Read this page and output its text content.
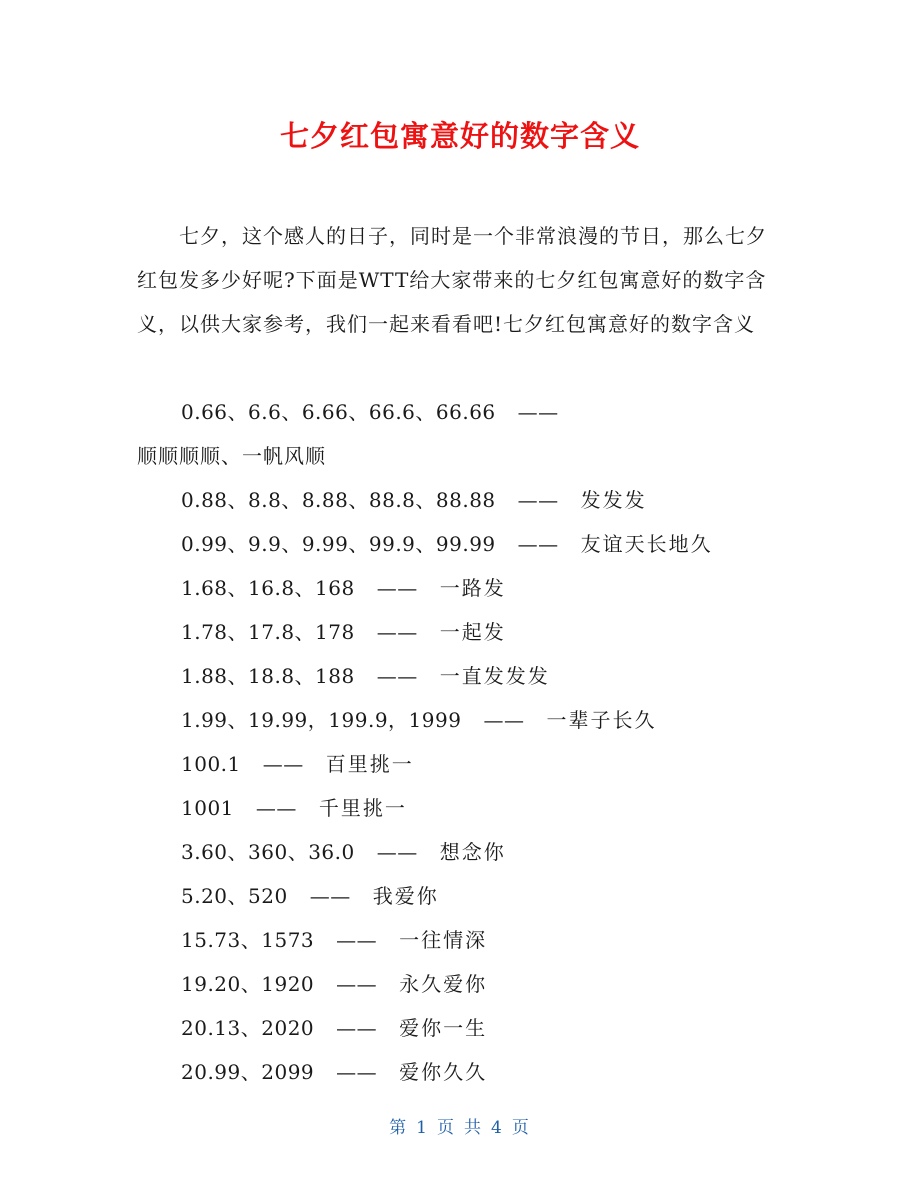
七夕红包寓意好的数字含义

七夕，这个感人的日子，同时是一个非常浪漫的节日，那么七夕红包发多少好呢?下面是WTT给大家带来的七夕红包寓意好的数字含义，以供大家参考，我们一起来看看吧!七夕红包寓意好的数字含义

0.66、6.6、6.66、66.6、66.66 ——
顺顺顺顺、一帆风顺
0.88、8.8、8.88、88.8、88.88 —— 发发发
0.99、9.9、9.99、99.9、99.99 —— 友谊天长地久
1.68、16.8、168 —— 一路发
1.78、17.8、178 —— 一起发
1.88、18.8、188 —— 一直发发发
1.99、19.99，199.9，1999 —— 一辈子长久
100.1 —— 百里挑一
1001 —— 千里挑一
3.60、360、36.0 —— 想念你
5.20、520 —— 我爱你
15.73、1573 —— 一往情深
19.20、1920 —— 永久爱你
20.13、2020 —— 爱你一生
20.99、2099 —— 爱你久久
第 1 页 共 4 页
